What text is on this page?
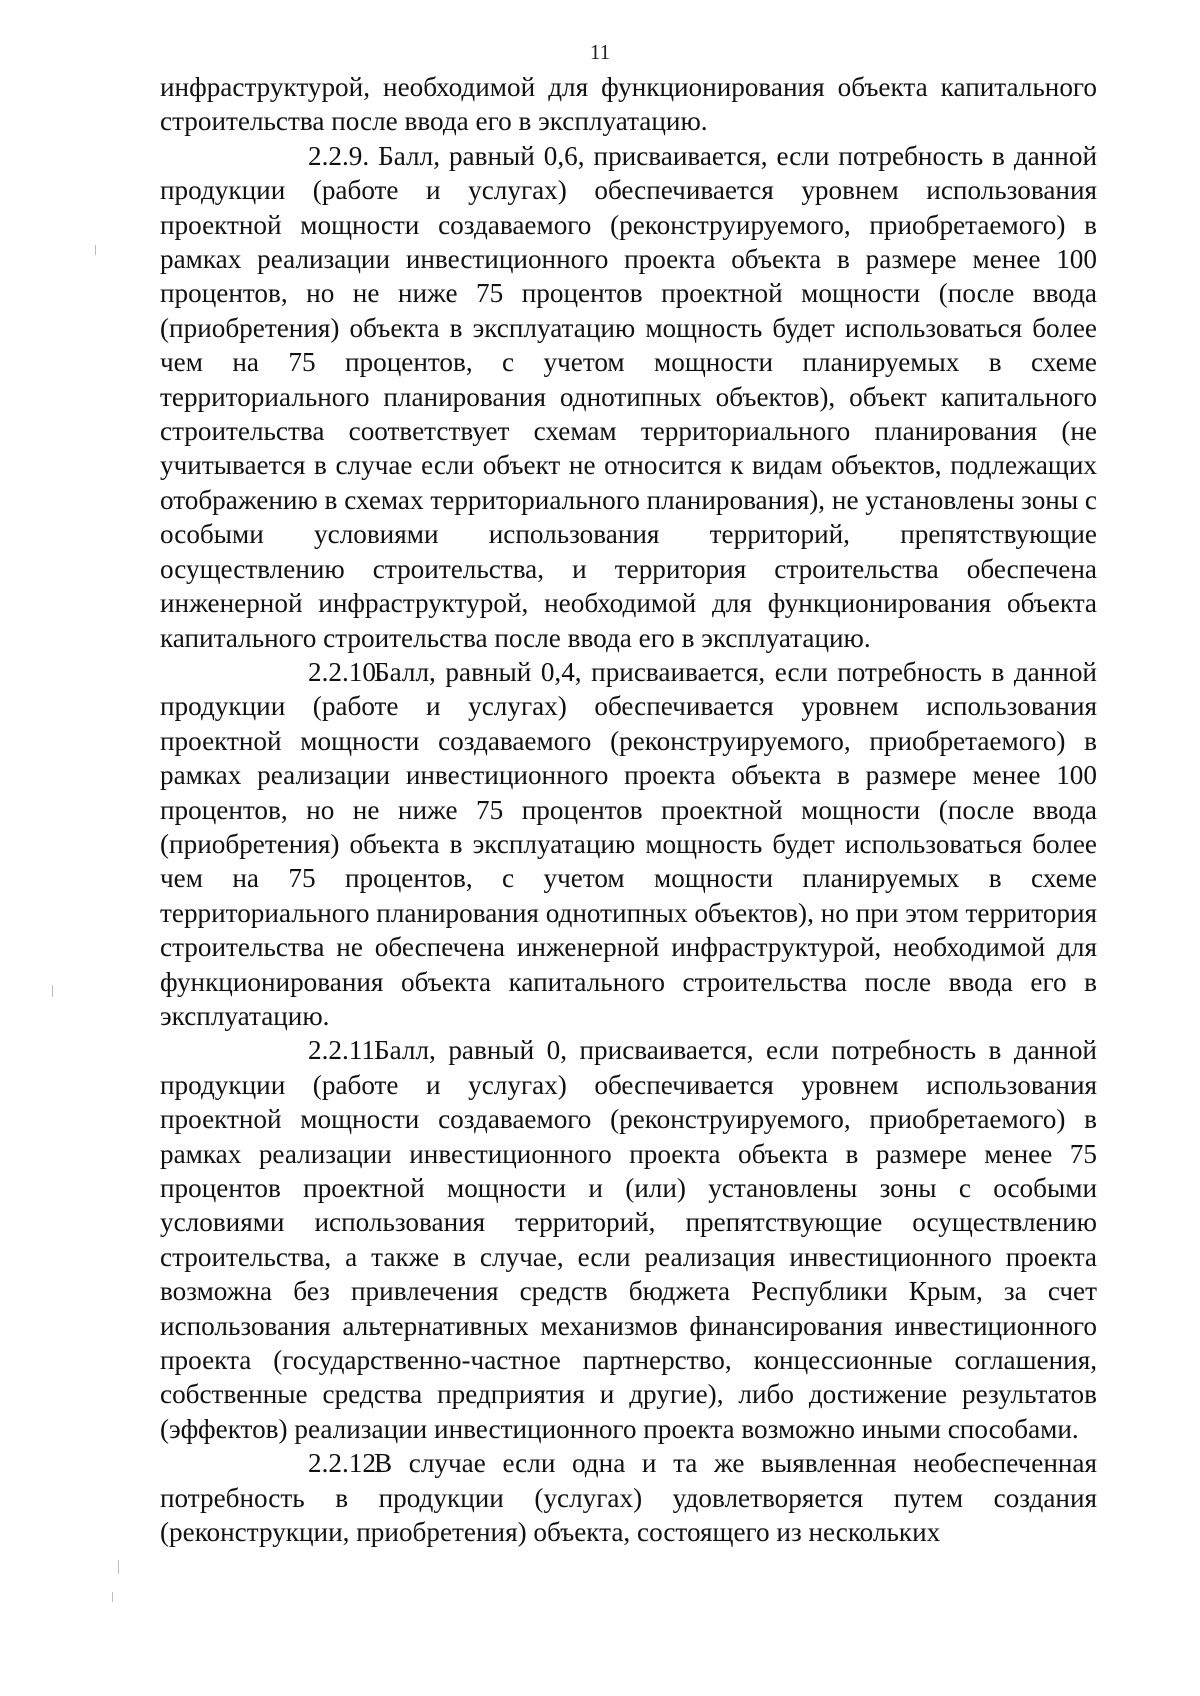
11

инфраструктурой, необходимой для функционирования объекта капитального строительства после ввода его в эксплуатацию.

2.2.9. Балл, равный 0,6, присваивается, если потребность в данной продукции (работе и услугах) обеспечивается уровнем использования проектной мощности создаваемого (реконструируемого, приобретаемого) в рамках реализации инвестиционного проекта объекта в размере менее 100 процентов, но не ниже 75 процентов проектной мощности (после ввода (приобретения) объекта в эксплуатацию мощность будет использоваться более чем на 75 процентов, с учетом мощности планируемых в схеме территориального планирования однотипных объектов), объект капитального строительства соответствует схемам территориального планирования (не учитывается в случае если объект не относится к видам объектов, подлежащих отображению в схемах территориального планирования), не установлены зоны с особыми условиями использования территорий, препятствующие осуществлению строительства, и территория строительства обеспечена инженерной инфраструктурой, необходимой для функционирования объекта капитального строительства после ввода его в эксплуатацию.

2.2.10.Балл, равный 0,4, присваивается, если потребность в данной продукции (работе и услугах) обеспечивается уровнем использования проектной мощности создаваемого (реконструируемого, приобретаемого) в рамках реализации инвестиционного проекта объекта в размере менее 100 процентов, но не ниже 75 процентов проектной мощности (после ввода (приобретения) объекта в эксплуатацию мощность будет использоваться более чем на 75 процентов, с учетом мощности планируемых в схеме территориального планирования однотипных объектов), но при этом территория строительства не обеспечена инженерной инфраструктурой, необходимой для функционирования объекта капитального строительства после ввода его в эксплуатацию.

2.2.11.Балл, равный 0, присваивается, если потребность в данной продукции (работе и услугах) обеспечивается уровнем использования проектной мощности создаваемого (реконструируемого, приобретаемого) в рамках реализации инвестиционного проекта объекта в размере менее 75 процентов проектной мощности и (или) установлены зоны с особыми условиями использования территорий, препятствующие осуществлению строительства, а также в случае, если реализация инвестиционного проекта возможна без привлечения средств бюджета Республики Крым, за счет использования альтернативных механизмов финансирования инвестиционного проекта (государственно-частное партнерство, концессионные соглашения, собственные средства предприятия и другие), либо достижение результатов (эффектов) реализации инвестиционного проекта возможно иными способами.

2.2.12.В случае если одна и та же выявленная необеспеченная потребность в продукции (услугах) удовлетворяется путем создания (реконструкции, приобретения) объекта, состоящего из нескольких
